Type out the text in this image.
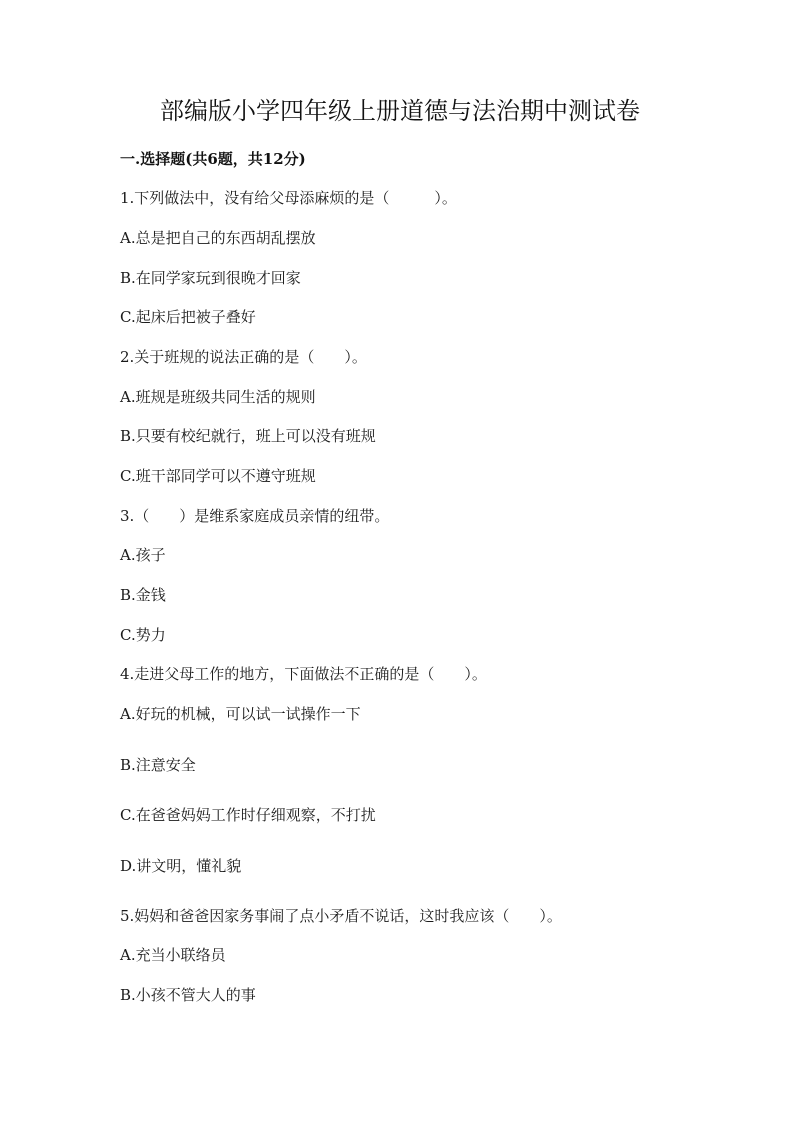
部编版小学四年级上册道德与法治期中测试卷
一.选择题(共6题，共12分)
1.下列做法中，没有给父母添麻烦的是（　　　）。
A.总是把自己的东西胡乱摆放
B.在同学家玩到很晚才回家
C.起床后把被子叠好
2.关于班规的说法正确的是（　　）。
A.班规是班级共同生活的规则
B.只要有校纪就行，班上可以没有班规
C.班干部同学可以不遵守班规
3.（　　）是维系家庭成员亲情的纽带。
A.孩子
B.金钱
C.势力
4.走进父母工作的地方，下面做法不正确的是（　　）。
A.好玩的机械，可以试一试操作一下
B.注意安全
C.在爸爸妈妈工作时仔细观察，不打扰
D.讲文明，懂礼貌
5.妈妈和爸爸因家务事闹了点小矛盾不说话，这时我应该（　　）。
A.充当小联络员
B.小孩不管大人的事
